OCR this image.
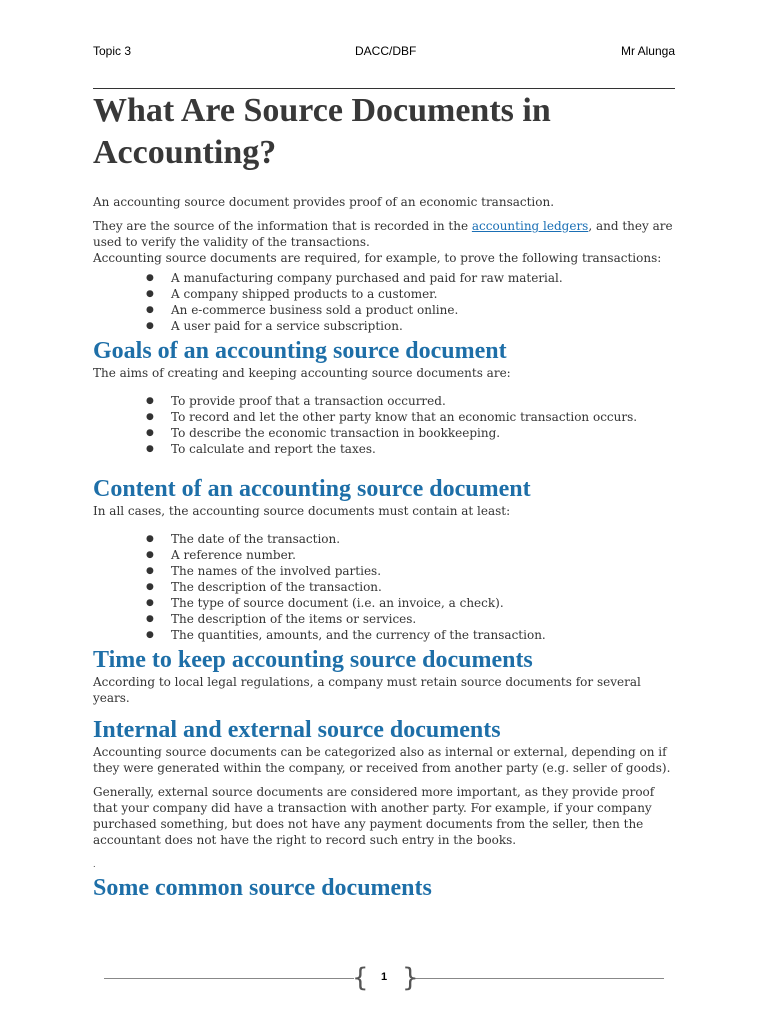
Topic 3	DACC/DBF	Mr Alunga
What Are Source Documents in Accounting?

An accounting source document provides proof of an economic transaction.

They are the source of the information that is recorded in the accounting ledgers, and they are used to verify the validity of the transactions.

Accounting source documents are required, for example, to prove the following transactions:

● A manufacturing company purchased and paid for raw material.
● A company shipped products to a customer.
● An e-commerce business sold a product online.
● A user paid for a service subscription.
Goals of an accounting source document

The aims of creating and keeping accounting source documents are:

● To provide proof that a transaction occurred.
● To record and let the other party know that an economic transaction occurs.
● To describe the economic transaction in bookkeeping.
● To calculate and report the taxes.
Content of an accounting source document

In all cases, the accounting source documents must contain at least:

● The date of the transaction.
● A reference number.
● The names of the involved parties.
● The description of the transaction.
● The type of source document (i.e. an invoice, a check).
● The description of the items or services.
● The quantities, amounts, and the currency of the transaction.
Time to keep accounting source documents

According to local legal regulations, a company must retain source documents for several years.

Internal and external source documents

Accounting source documents can be categorized also as internal or external, depending on if they were generated within the company, or received from another party (e.g. seller of goods).

Generally, external source documents are considered more important, as they provide proof that your company did have a transaction with another party. For example, if your company purchased something, but does not have any payment documents from the seller, then the accountant does not have the right to record such entry in the books.

.
Some common source documents
{	1 }
